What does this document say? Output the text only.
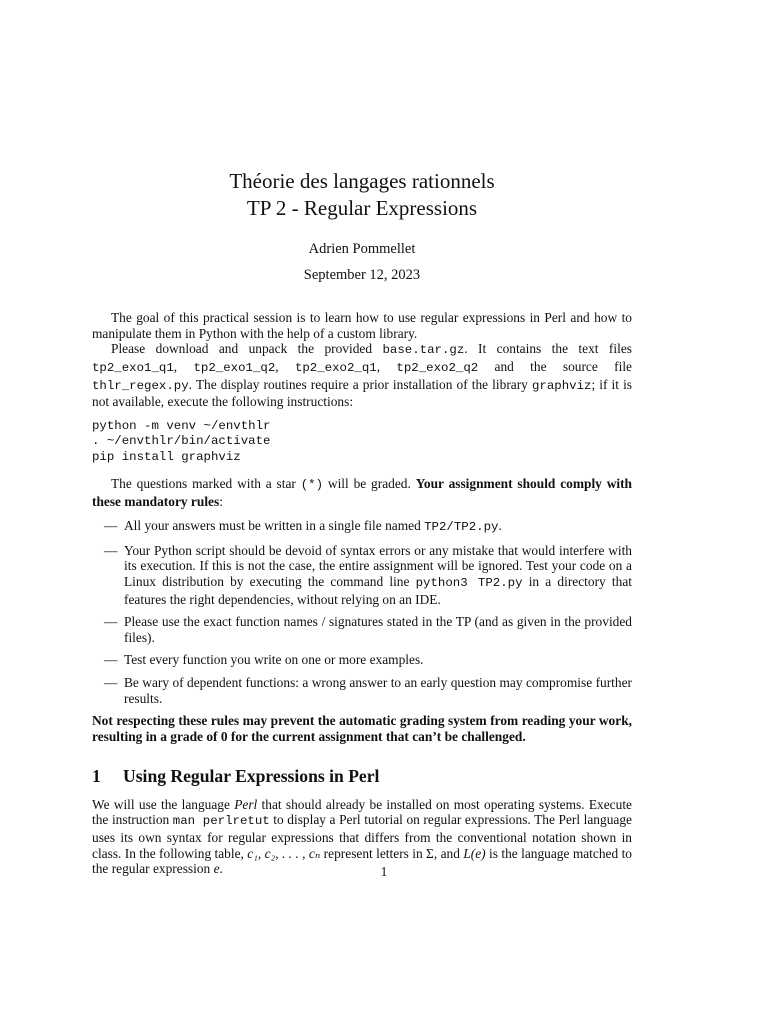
Théorie des langages rationnels
TP 2 - Regular Expressions
Adrien Pommellet
September 12, 2023

The goal of this practical session is to learn how to use regular expressions in Perl and how to manipulate them in Python with the help of a custom library.

Please download and unpack the provided base.tar.gz. It contains the text files tp2_exo1_q1, tp2_exo1_q2, tp2_exo2_q1, tp2_exo2_q2 and the source file thlr_regex.py. The display routines require a prior installation of the library graphviz; if it is not available, execute the following instructions:

python -m venv ~/envthlr
. ~/envthlr/bin/activate
pip install graphviz

The questions marked with a star (*) will be graded. Your assignment should comply with these mandatory rules:

— All your answers must be written in a single file named TP2/TP2.py.
— Your Python script should be devoid of syntax errors or any mistake that would interfere with its execution. If this is not the case, the entire assignment will be ignored. Test your code on a Linux distribution by executing the command line python3 TP2.py in a directory that features the right dependencies, without relying on an IDE.
— Please use the exact function names / signatures stated in the TP (and as given in the provided files).
— Test every function you write on one or more examples.
— Be wary of dependent functions: a wrong answer to an early question may compromise further results.

Not respecting these rules may prevent the automatic grading system from reading your work, resulting in a grade of 0 for the current assignment that can’t be challenged.

1 Using Regular Expressions in Perl

We will use the language Perl that should already be installed on most operating systems. Execute the instruction man perlretut to display a Perl tutorial on regular expressions. The Perl language uses its own syntax for regular expressions that differs from the conventional notation shown in class. In the following table, c₁, c₂, . . . , cₙ represent letters in Σ, and L(e) is the language matched to the regular expression e.	1
